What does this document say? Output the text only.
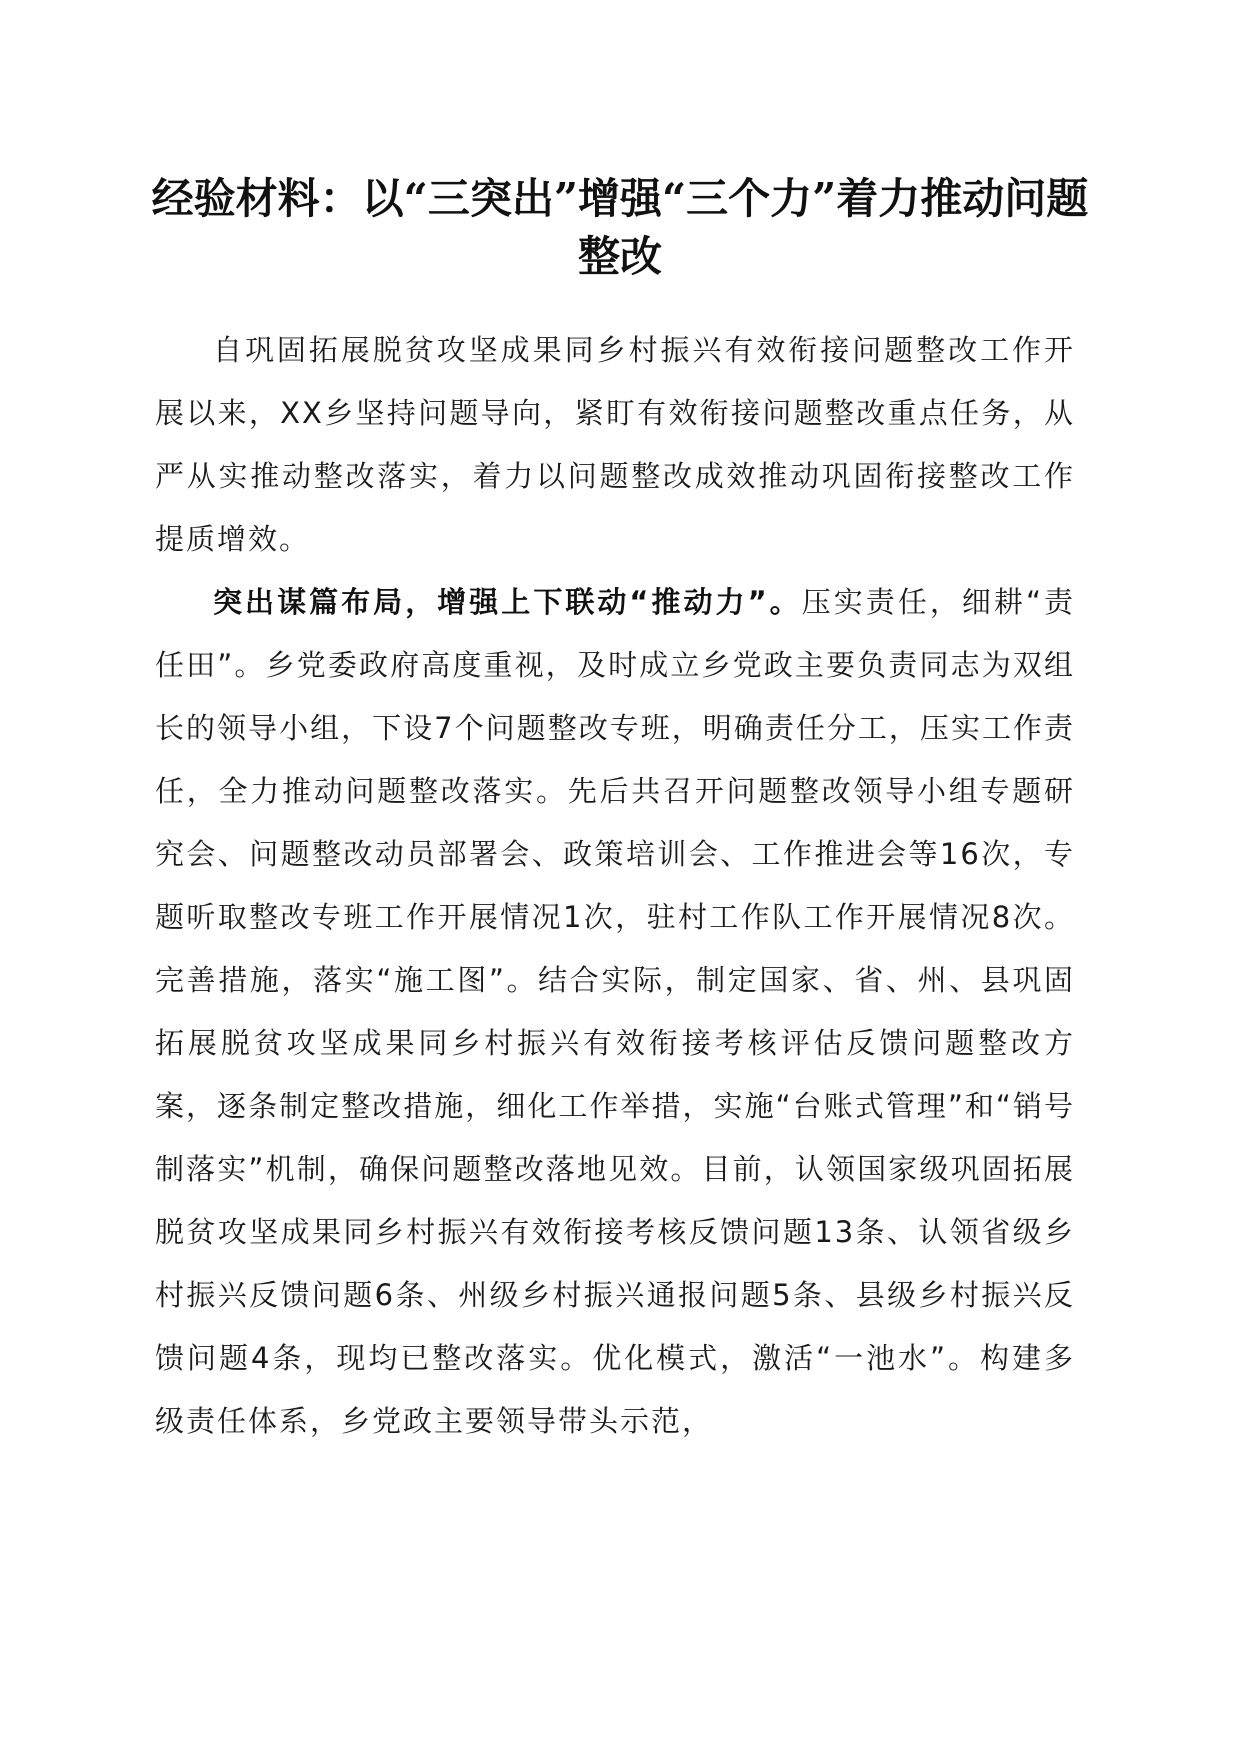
经验材料：以“三突出”增强“三个力”着力推动问题整改

自巩固拓展脱贫攻坚成果同乡村振兴有效衔接问题整改工作开展以来，XX乡坚持问题导向，紧盯有效衔接问题整改重点任务，从严从实推动整改落实，着力以问题整改成效推动巩固衔接整改工作提质增效。

突出谋篇布局，增强上下联动“推动力”。压实责任，细耕“责任田”。乡党委政府高度重视，及时成立乡党政主要负责同志为双组长的领导小组，下设7个问题整改专班，明确责任分工，压实工作责任，全力推动问题整改落实。先后共召开问题整改领导小组专题研究会、问题整改动员部署会、政策培训会、工作推进会等16次，专题听取整改专班工作开展情况1次，驻村工作队工作开展情况8次。完善措施，落实“施工图”。结合实际，制定国家、省、州、县巩固拓展脱贫攻坚成果同乡村振兴有效衔接考核评估反馈问题整改方案，逐条制定整改措施，细化工作举措，实施“台账式管理”和“销号制落实”机制，确保问题整改落地见效。目前，认领国家级巩固拓展脱贫攻坚成果同乡村振兴有效衔接考核反馈问题13条、认领省级乡村振兴反馈问题6条、州级乡村振兴通报问题5条、县级乡村振兴反馈问题4条，现均已整改落实。优化模式，激活“一池水”。构建多级责任体系，乡党政主要领导带头示范，
